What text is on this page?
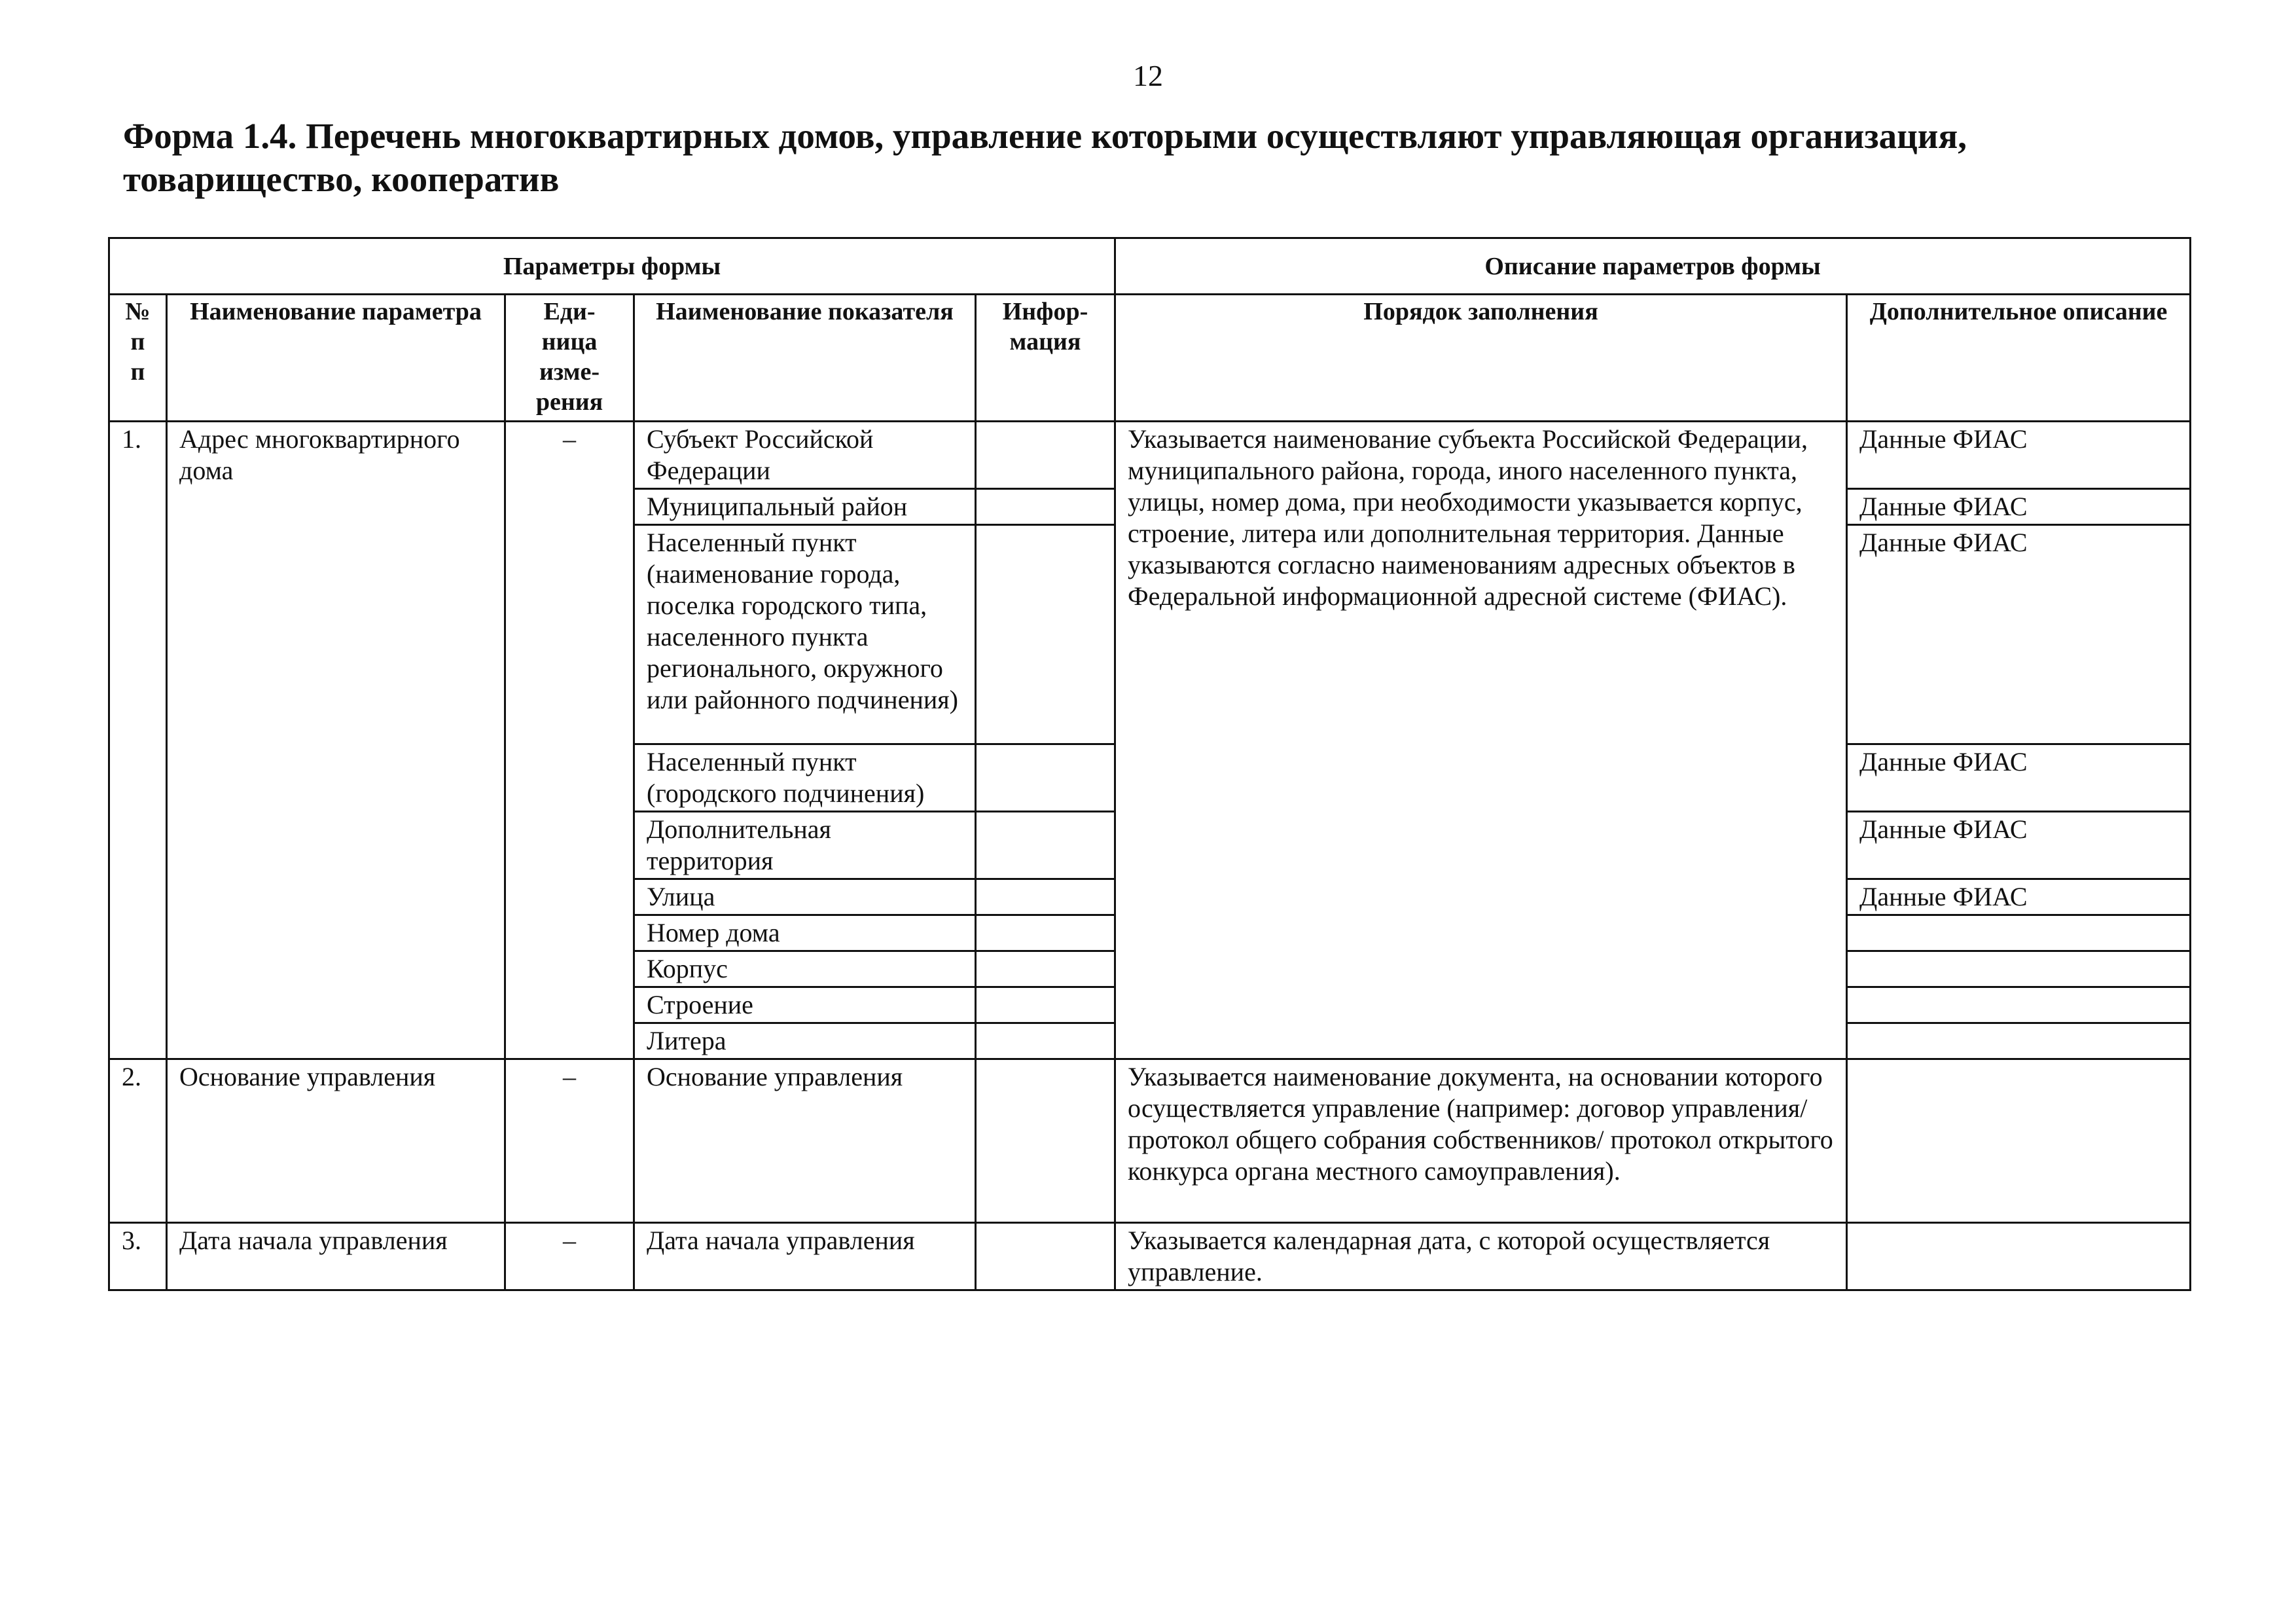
12
Форма 1.4. Перечень многоквартирных домов, управление которыми осуществляют управляющая организация,
товарищество, кооператив
Параметры формы					Описание параметров формы	
№ п п	Наименование параметра	Еди- ница изме- рения	Наименование показателя	Инфор- мация	Порядок заполнения	Дополнительное описание
1.	Адрес многоквартирного дома	–	Субъект Российской Федерации		Указывается наименование субъекта Российской Федерации, муниципального района, города, иного населенного пункта, улицы, номер дома, при необходимости указывается корпус, строение, литера или дополнительная территория. Данные указываются согласно наименованиям адресных объектов в Федеральной информационной адресной системе (ФИАС).	Данные ФИАС
			Муниципальный район			Данные ФИАС
			Населенный пункт (наименование города, поселка городского типа, населенного пункта регионального, окружного или районного подчинения)			Данные ФИАС
			Населенный пункт (городского подчинения)			Данные ФИАС
			Дополнительная территория			Данные ФИАС
			Улица			Данные ФИАС
			Номер дома			
			Корпус			
			Строение			
			Литера			
2.	Основание управления	–	Основание управления		Указывается наименование документа, на основании которого осуществляется управление (например: договор управления/ протокол общего собрания собственников/ протокол открытого конкурса органа местного самоуправления).	
3.	Дата начала управления	–	Дата начала управления		Указывается календарная дата, с которой осуществляется управление.	
